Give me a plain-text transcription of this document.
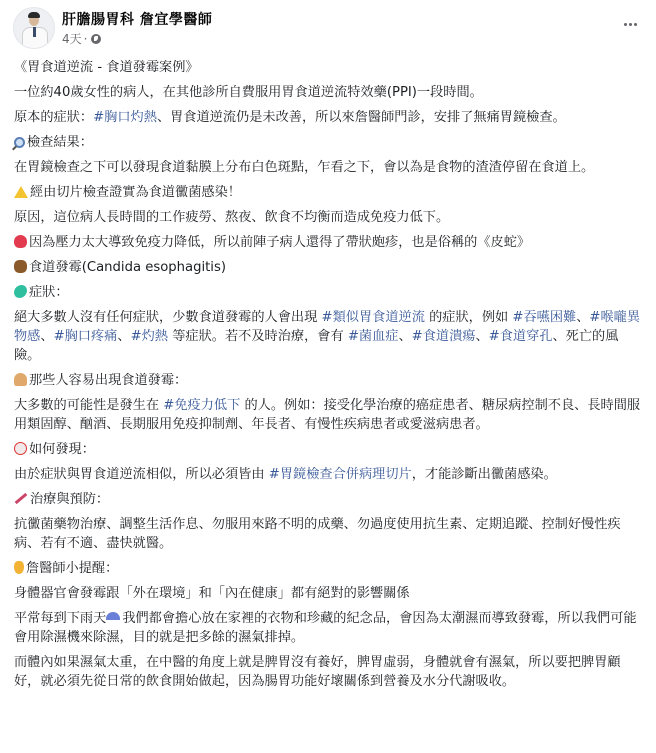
肝膽腸胃科 詹宜學醫師
4天 ·

《胃食道逆流 - 食道發霉案例》

一位約40歲女性的病人，在其他診所自費服用胃食道逆流特效藥(PPI)一段時間。

原本的症狀：#胸口灼熱、胃食道逆流仍是未改善，所以來詹醫師門診，安排了無痛胃鏡檢查。

檢查結果：

在胃鏡檢查之下可以發現食道黏膜上分布白色斑點，乍看之下，會以為是食物的渣渣停留在食道上。

經由切片檢查證實為食道黴菌感染！

原因，這位病人長時間的工作疲勞、熬夜、飲食不均衡而造成免疫力低下。

因為壓力太大導致免疫力降低，所以前陣子病人還得了帶狀皰疹，也是俗稱的《皮蛇》

食道發霉(Candida esophagitis)

症狀：

絕大多數人沒有任何症狀，少數食道發霉的人會出現 #類似胃食道逆流 的症狀，例如 #吞嚥困難、#喉嚨異物感、#胸口疼痛、#灼熱 等症狀。若不及時治療，會有 #菌血症、#食道潰瘍、#食道穿孔、死亡的風險。

那些人容易出現食道發霉：

大多數的可能性是發生在 #免疫力低下 的人。例如：接受化學治療的癌症患者、糖尿病控制不良、長時間服用類固醇、酗酒、長期服用免疫抑制劑、年長者、有慢性疾病患者或愛滋病患者。

如何發現：

由於症狀與胃食道逆流相似，所以必須皆由 #胃鏡檢查合併病理切片，才能診斷出黴菌感染。

治療與預防：

抗黴菌藥物治療、調整生活作息、勿服用來路不明的成藥、勿過度使用抗生素、定期追蹤、控制好慢性疾病、若有不適、盡快就醫。

詹醫師小提醒：

身體器官會發霉跟「外在環境」和「內在健康」都有絕對的影響關係

平常每到下雨天 我們都會擔心放在家裡的衣物和珍藏的紀念品，會因為太潮濕而導致發霉，所以我們可能會用除濕機來除濕，目的就是把多餘的濕氣排掉。

而體內如果濕氣太重，在中醫的角度上就是脾胃沒有養好，脾胃虛弱，身體就會有濕氣，所以要把脾胃顧好，就必須先從日常的飲食開始做起，因為腸胃功能好壞關係到營養及水分代謝吸收。
